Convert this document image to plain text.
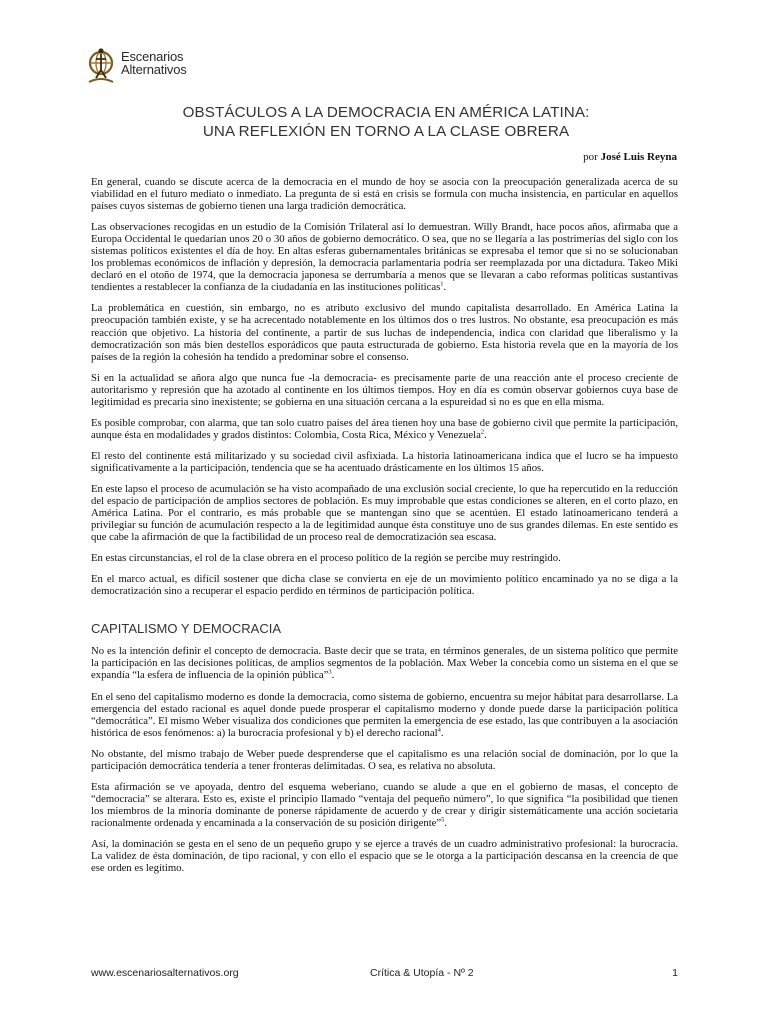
Escenarios
Alternativos
OBSTÁCULOS A LA DEMOCRACIA EN AMÉRICA LATINA:
UNA REFLEXIÓN EN TORNO A LA CLASE OBRERA
por José Luis Reyna

En general, cuando se discute acerca de la democracia en el mundo de hoy se asocia con la preocupación generalizada acerca de su viabilidad en el futuro mediato o inmediato. La pregunta de si está en crisis se formula con mucha insistencia, en particular en aquellos países cuyos sistemas de gobierno tienen una larga tradición democrática.

Las observaciones recogidas en un estudio de la Comisión Trilateral así lo demuestran. Willy Brandt, hace pocos años, afirmaba que a Europa Occidental le quedarían unos 20 o 30 años de gobierno democrático. O sea, que no se llegaría a las postrimerías del siglo con los sistemas políticos existentes el día de hoy. En altas esferas gubernamentales británicas se expresaba el temor que si no se solucionaban los problemas económicos de inflación y depresión, la democracia parlamentaria podría ser reemplazada por una dictadura. Takeo Miki declaró en el otoño de 1974, que la democracia japonesa se derrumbaría a menos que se llevaran a cabo reformas políticas sustantivas tendientes a restablecer la confianza de la ciudadanía en las instituciones políticas$^1$.

La problemática en cuestión, sin embargo, no es atributo exclusivo del mundo capitalista desarrollado. En América Latina la preocupación también existe, y se ha acrecentado notablemente en los últimos dos o tres lustros. No obstante, esa preocupación es más reacción que objetivo. La historia del continente, a partir de sus luchas de independencia, indica con claridad que liberalismo y la democratización son más bien destellos esporádicos que pauta estructurada de gobierno. Esta historia revela que en la mayoría de los países de la región la cohesión ha tendido a predominar sobre el consenso.

Si en la actualidad se añora algo que nunca fue -la democracia- es precisamente parte de una reacción ante el proceso creciente de autoritarismo y represión que ha azotado al continente en los últimos tiempos. Hoy en día es común observar gobiernos cuya base de legitimidad es precaria sino inexistente; se gobierna en una situación cercana a la espureidad si no es que en ella misma.

Es posible comprobar, con alarma, que tan solo cuatro países del área tienen hoy una base de gobierno civil que permite la participación, aunque ésta en modalidades y grados distintos: Colombia, Costa Rica, México y Venezuela$^2$.

El resto del continente está militarizado y su sociedad civil asfixiada. La historia latinoamericana indica que el lucro se ha impuesto significativamente a la participación, tendencia que se ha acentuado drásticamente en los últimos 15 años.

En este lapso el proceso de acumulación se ha visto acompañado de una exclusión social creciente, lo que ha repercutido en la reducción del espacio de participación de amplios sectores de población. Es muy improbable que estas condiciones se alteren, en el corto plazo, en América Latina. Por el contrario, es más probable que se mantengan sino que se acentúen. El estado latinoamericano tenderá a privilegiar su función de acumulación respecto a la de legitimidad aunque ésta constituye uno de sus grandes dilemas. En este sentido es que cabe la afirmación de que la factibilidad de un proceso real de democratización sea escasa.

En estas circunstancias, el rol de la clase obrera en el proceso político de la región se percibe muy restringido.

En el marco actual, es difícil sostener que dicha clase se convierta en eje de un movimiento político encaminado ya no se diga a la democratización sino a recuperar el espacio perdido en términos de participación política.

CAPITALISMO Y DEMOCRACIA

No es la intención definir el concepto de democracia. Baste decir que se trata, en términos generales, de un sistema político que permite la participación en las decisiones políticas, de amplios segmentos de la población. Max Weber la concebía como un sistema en el que se expandía “la esfera de influencia de la opinión pública”$^3$.

En el seno del capitalismo moderno es donde la democracia, como sistema de gobierno, encuentra su mejor hábitat para desarrollarse. La emergencia del estado racional es aquel donde puede prosperar el capitalismo moderno y donde puede darse la participación política “democrática”. El mismo Weber visualiza dos condiciones que permiten la emergencia de ese estado, las que contribuyen a la asociación histórica de esos fenómenos: a) la burocracia profesional y b) el derecho racional$^4$.

No obstante, del mismo trabajo de Weber puede desprenderse que el capitalismo es una relación social de dominación, por lo que la participación democrática tendería a tener fronteras delimitadas. O sea, es relativa no absoluta.

Esta afirmación se ve apoyada, dentro del esquema weberiano, cuando se alude a que en el gobierno de masas, el concepto de “democracia” se alterara. Esto es, existe el principio llamado “ventaja del pequeño número”, lo que significa “la posibilidad que tienen los miembros de la minoría dominante de ponerse rápidamente de acuerdo y de crear y dirigir sistemáticamente una acción societaria racionalmente ordenada y encaminada a la conservación de su posición dirigente”$^5$.

Así, la dominación se gesta en el seno de un pequeño grupo y se ejerce a través de un cuadro administrativo profesional: la burocracia. La validez de ésta dominación, de tipo racional, y con ello el espacio que se le otorga a la participación descansa en la creencia de que ese orden es legítimo.

www.escenariosalternativos.org	Crítica & Utopía - Nº 2	1
